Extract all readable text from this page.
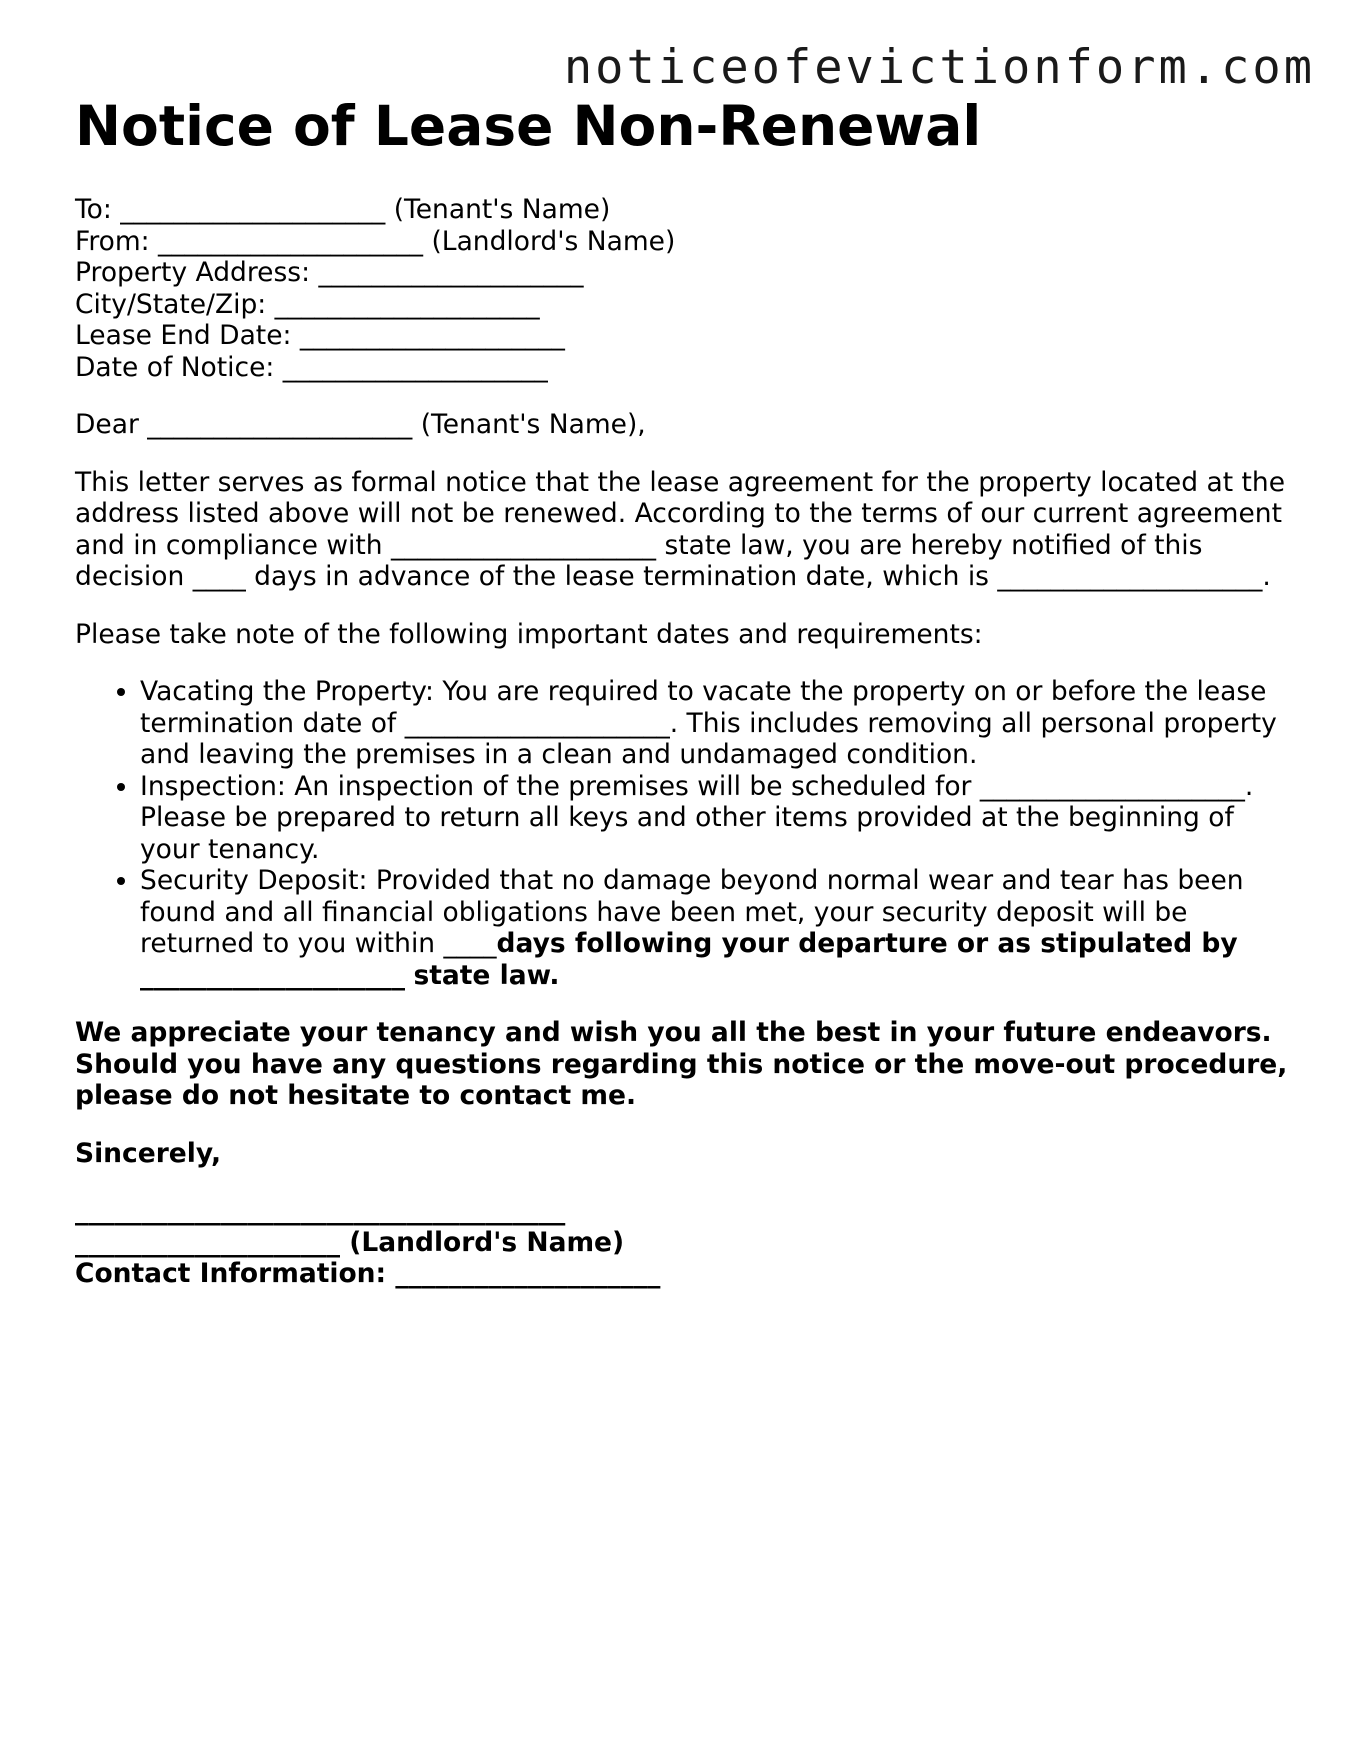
noticeofevictionform.com
Notice of Lease Non-Renewal

To: ____________________ (Tenant's Name)
From: ____________________ (Landlord's Name)
Property Address: ____________________
City/State/Zip: ____________________
Lease End Date: ____________________
Date of Notice: ____________________

Dear ____________________ (Tenant's Name),

This letter serves as formal notice that the lease agreement for the property located at the address listed above will not be renewed. According to the terms of our current agreement and in compliance with ____________________ state law, you are hereby notified of this decision ____ days in advance of the lease termination date, which is ____________________.

Please take note of the following important dates and requirements:

• Vacating the Property: You are required to vacate the property on or before the lease termination date of ____________________. This includes removing all personal property and leaving the premises in a clean and undamaged condition.
• Inspection: An inspection of the premises will be scheduled for ____________________. Please be prepared to return all keys and other items provided at the beginning of your tenancy.
• Security Deposit: Provided that no damage beyond normal wear and tear has been found and all financial obligations have been met, your security deposit will be returned to you within ____days following your departure or as stipulated by ____________________ state law.

We appreciate your tenancy and wish you all the best in your future endeavors. Should you have any questions regarding this notice or the move-out procedure, please do not hesitate to contact me.

Sincerely,

_____________________________________
____________________ (Landlord's Name)
Contact Information: ____________________
